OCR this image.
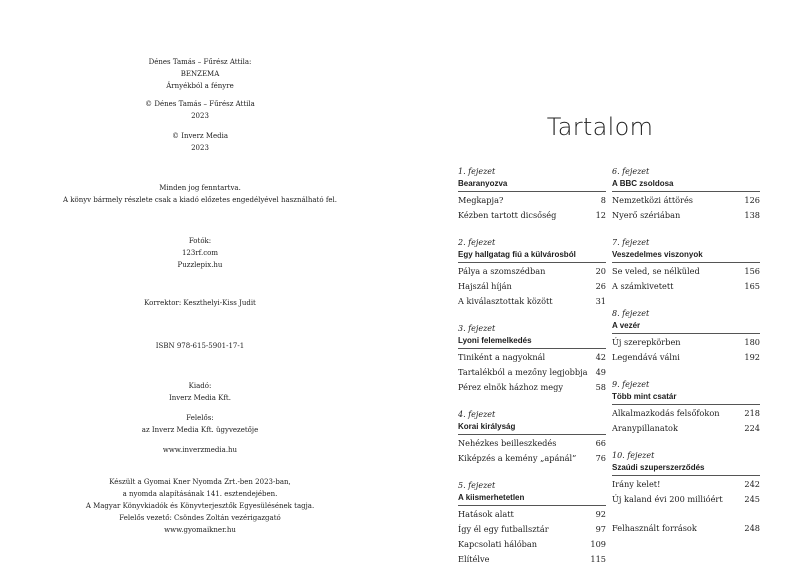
Dénes Tamás – Fűrész Attila:
BENZEMA
Árnyékból a fényre
© Dénes Tamás – Fűrész Attila
2023
© Inverz Media
2023
Minden jog fenntartva.
A könyv bármely részlete csak a kiadó előzetes engedélyével használható fel.
Fotók:
123rf.com
Puzzlepix.hu
Korrektor: Keszthelyi-Kiss Judit
ISBN 978-615-5901-17-1
Kiadó:
Inverz Media Kft.
Felelős:
az Inverz Media Kft. ügyvezetője
www.inverzmedia.hu
Készült a Gyomai Kner Nyomda Zrt.-ben 2023-ban,
a nyomda alapításának 141. esztendejében.
A Magyar Könyvkiadók és Könyvterjesztők Egyesülésének tagja.
Felelős vezető: Csöndes Zoltán vezérigazgató
www.gyomaikner.hu
Tartalom
1. fejezet
Bearanyozva
Megkapja?	8
Kézben tartott dicsőség	12
2. fejezet
Egy hallgatag fiú a külvárosból
Pálya a szomszédban	20
Hajszál híján	26
A kiválasztottak között	31
3. fejezet
Lyoni felemelkedés
Tiniként a nagyoknál	42
Tartalékból a mezőny legjobbja 49
Pérez elnök házhoz megy	58
4. fejezet
Korai királyság
Nehézkes beilleszkedés	66
Kiképzés a kemény „apánál”	76
5. fejezet
A kiismerhetetlen
Hatások alatt	92
Így él egy futballsztár	97
Kapcsolati hálóban	109
Elítélve	115
6. fejezet
A BBC zsoldosa
Nemzetközi áttörés	126
Nyerő szériában	138
7. fejezet
Veszedelmes viszonyok
Se veled, se nélküled	156
A számkivetett	165
8. fejezet
A vezér
Új szerepkörben	180
Legendává válni	192
9. fejezet
Több mint csatár
Alkalmazkodás felsőfokon	218
Aranypillanatok	224
10. fejezet
Szaúdi szuperszerződés
Irány kelet!	242
Új kaland évi 200 millióért	245
Felhasznált források	248
